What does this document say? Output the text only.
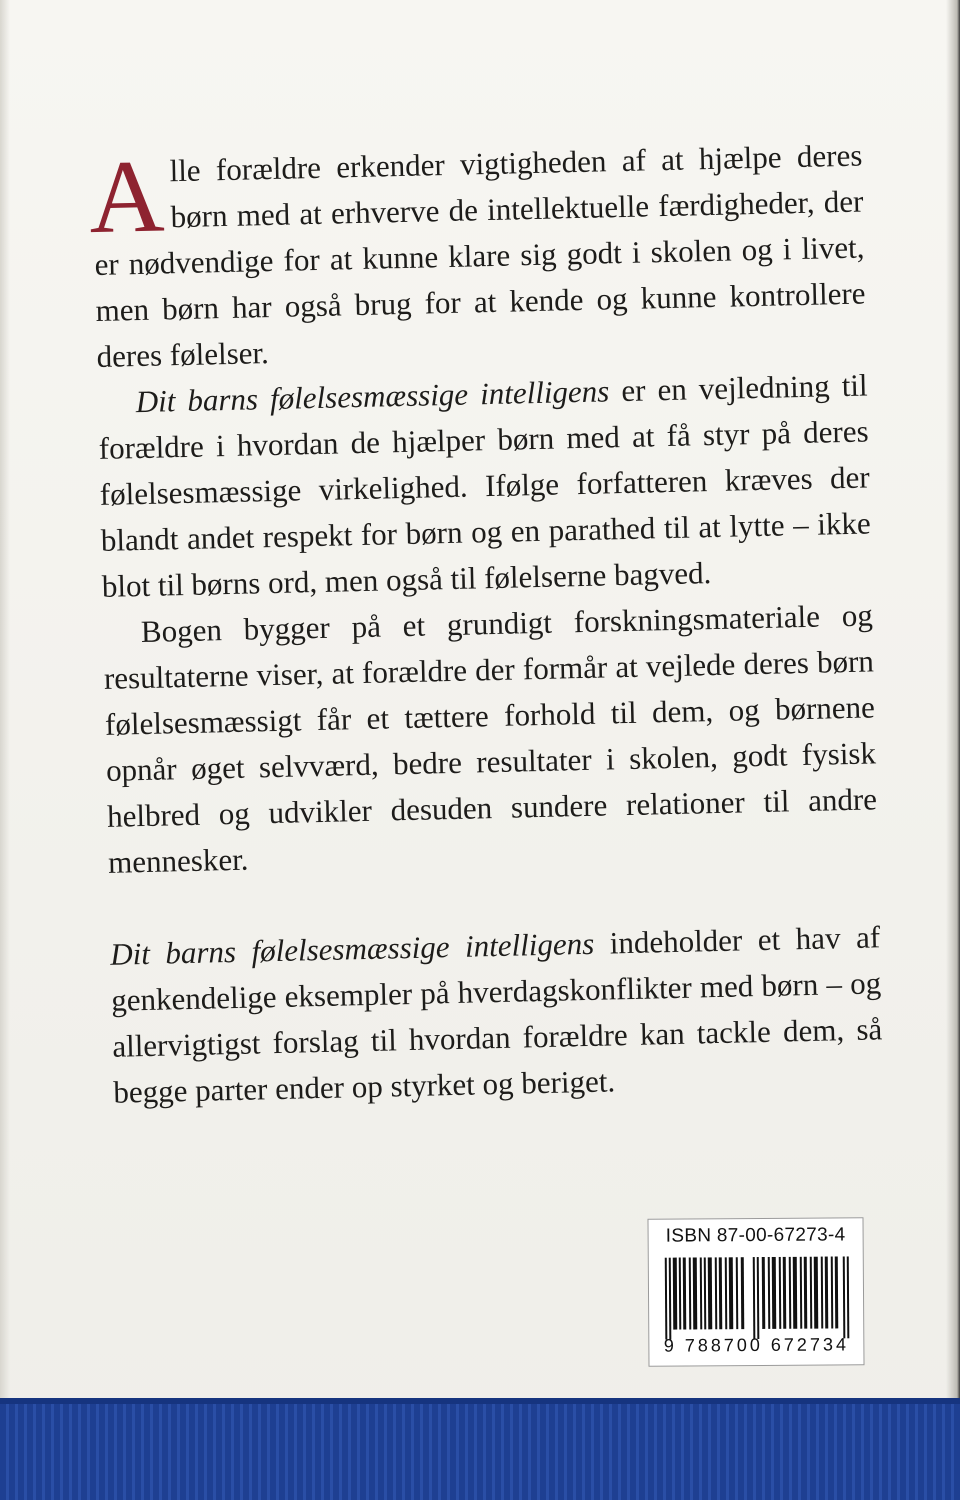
Alle forældre erkender vigtigheden af at hjælpe deres børn med at erhverve de intellektuelle færdigheder, der er nødvendige for at kunne klare sig godt i skolen og i livet, men børn har også brug for at kende og kunne kontrollere deres følelser.

Dit barns følelsesmæssige intelligens er en vejledning til forældre i hvordan de hjælper børn med at få styr på deres følelsesmæssige virkelighed. Ifølge forfatteren kræves der blandt andet respekt for børn og en parathed til at lytte – ikke blot til børns ord, men også til følelserne bagved.

Bogen bygger på et grundigt forskningsmateriale og resultaterne viser, at forældre der formår at vejlede deres børn følelsesmæssigt får et tættere forhold til dem, og børnene opnår øget selvværd, bedre resultater i skolen, godt fysisk helbred og udvikler desuden sundere relationer til andre mennesker.

Dit barns følelsesmæssige intelligens indeholder et hav af genkendelige eksempler på hverdagskonflikter med børn – og allervigtigst forslag til hvordan forældre kan tackle dem, så begge parter ender op styrket og beriget.

ISBN 87-00-67273-4
9 788700 672734
